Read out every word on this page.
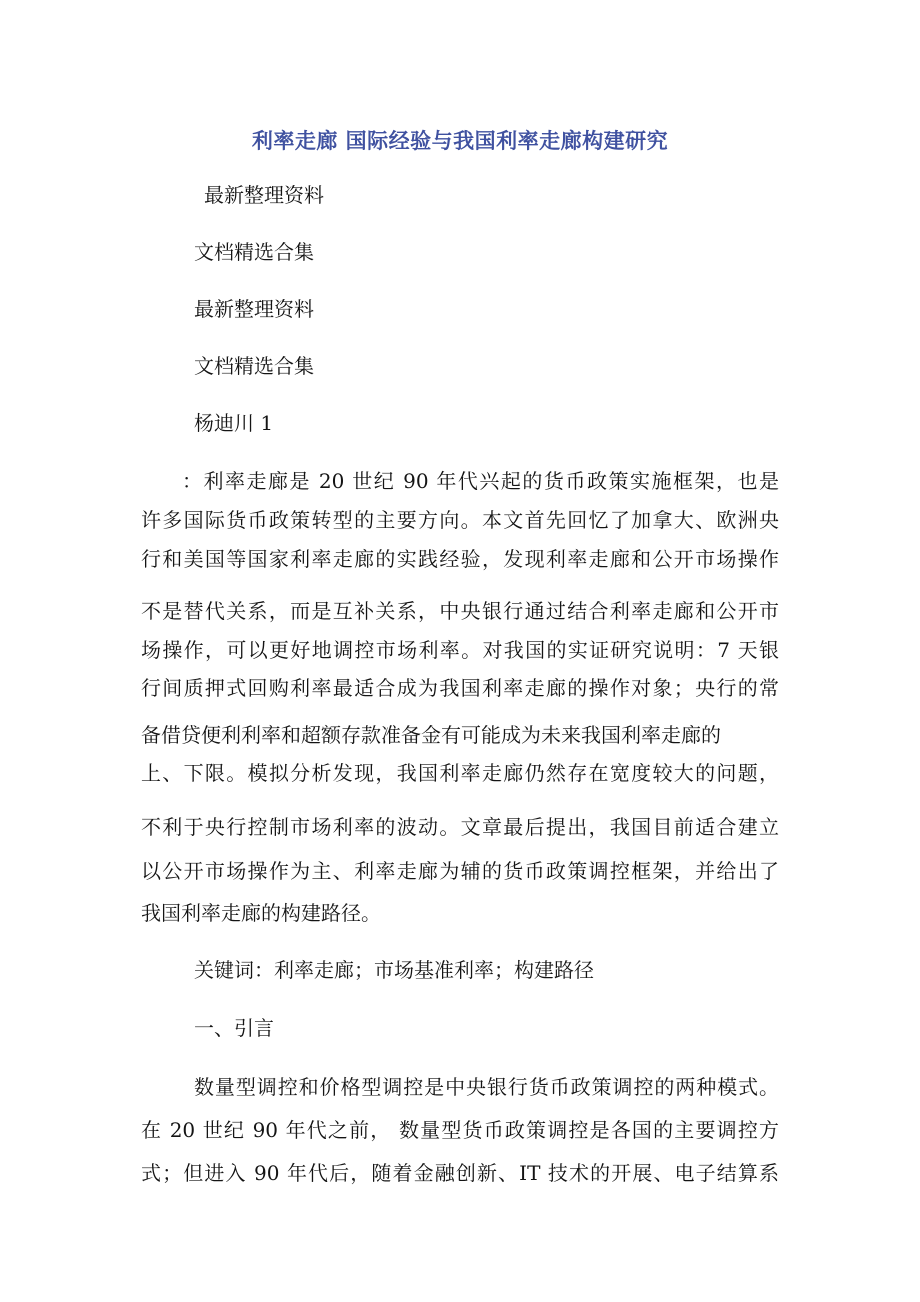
利率走廊 国际经验与我国利率走廊构建研究
最新整理资料
文档精选合集
最新整理资料
文档精选合集
杨迪川 1
：利率走廊是 20 世纪 90 年代兴起的货币政策实施框架，也是
许多国际货币政策转型的主要方向。本文首先回忆了加拿大、欧洲央
行和美国等国家利率走廊的实践经验，发现利率走廊和公开市场操作
不是替代关系，而是互补关系，中央银行通过结合利率走廊和公开市
场操作，可以更好地调控市场利率。对我国的实证研究说明：7 天银
行间质押式回购利率最适合成为我国利率走廊的操作对象；央行的常
备借贷便利利率和超额存款准备金有可能成为未来我国利率走廊的
上、下限。模拟分析发现，我国利率走廊仍然存在宽度较大的问题，
不利于央行控制市场利率的波动。文章最后提出，我国目前适合建立
以公开市场操作为主、利率走廊为辅的货币政策调控框架，并给出了
我国利率走廊的构建路径。
关键词：利率走廊；市场基准利率；构建路径
一、引言
数量型调控和价格型调控是中央银行货币政策调控的两种模式。
在 20 世纪 90 年代之前， 数量型货币政策调控是各国的主要调控方
式；但进入 90 年代后，随着金融创新、IT 技术的开展、电子结算系
